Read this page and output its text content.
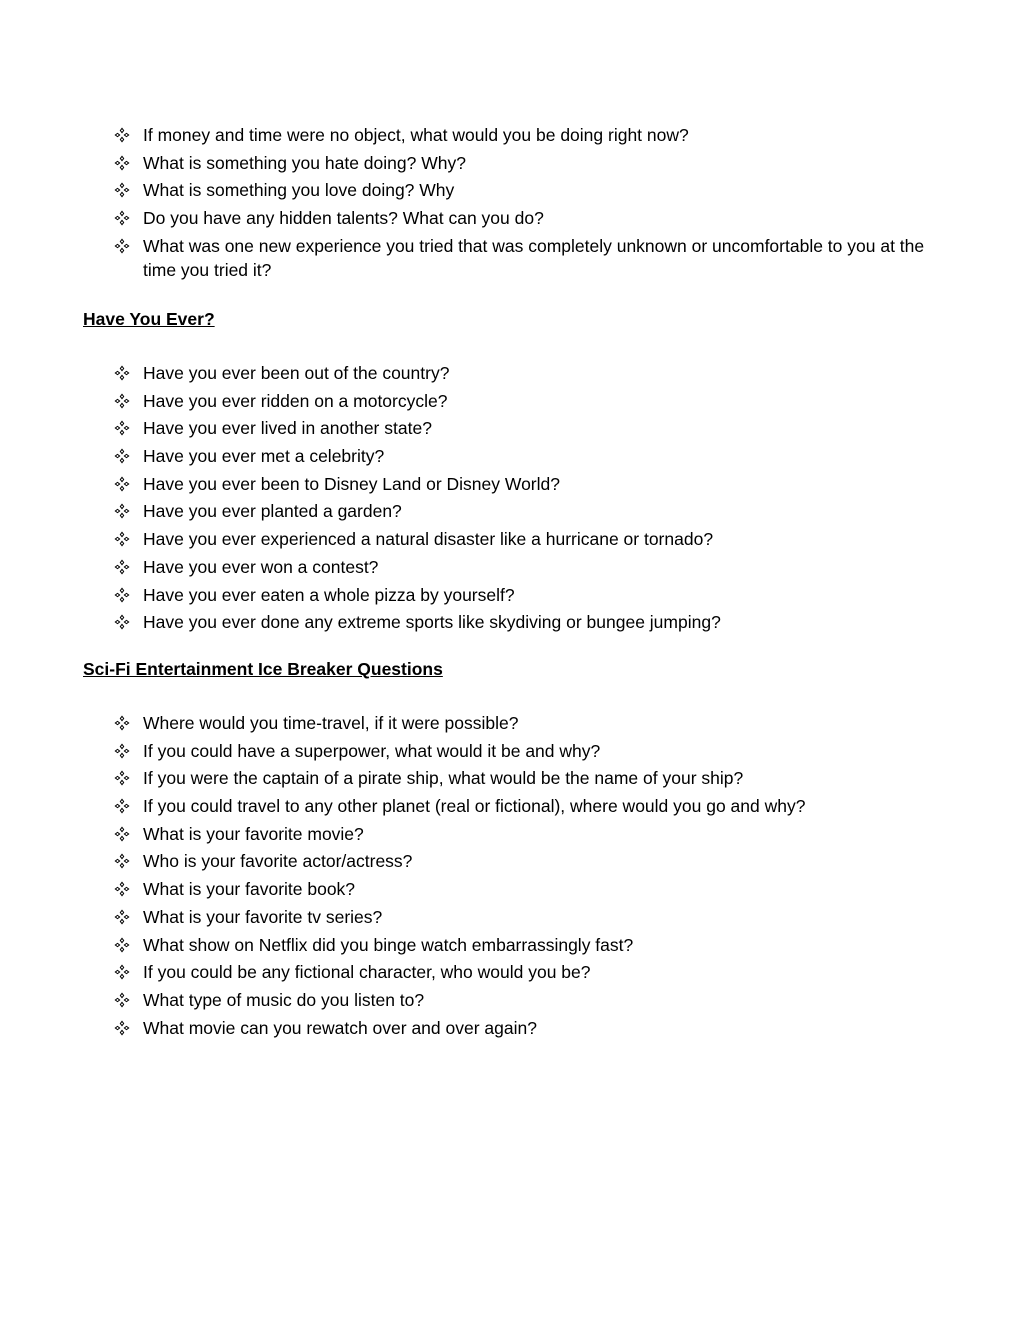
If money and time were no object, what would you be doing right now?
What is something you hate doing? Why?
What is something you love doing? Why
Do you have any hidden talents? What can you do?
What was one new experience you tried that was completely unknown or uncomfortable to you at the time you tried it?
Have You Ever?
Have you ever been out of the country?
Have you ever ridden on a motorcycle?
Have you ever lived in another state?
Have you ever met a celebrity?
Have you ever been to Disney Land or Disney World?
Have you ever planted a garden?
Have you ever experienced a natural disaster like a hurricane or tornado?
Have you ever won a contest?
Have you ever eaten a whole pizza by yourself?
Have you ever done any extreme sports like skydiving or bungee jumping?
Sci-Fi Entertainment Ice Breaker Questions
Where would you time-travel, if it were possible?
If you could have a superpower, what would it be and why?
If you were the captain of a pirate ship, what would be the name of your ship?
If you could travel to any other planet (real or fictional), where would you go and why?
What is your favorite movie?
Who is your favorite actor/actress?
What is your favorite book?
What is your favorite tv series?
What show on Netflix did you binge watch embarrassingly fast?
If you could be any fictional character, who would you be?
What type of music do you listen to?
What movie can you rewatch over and over again?
